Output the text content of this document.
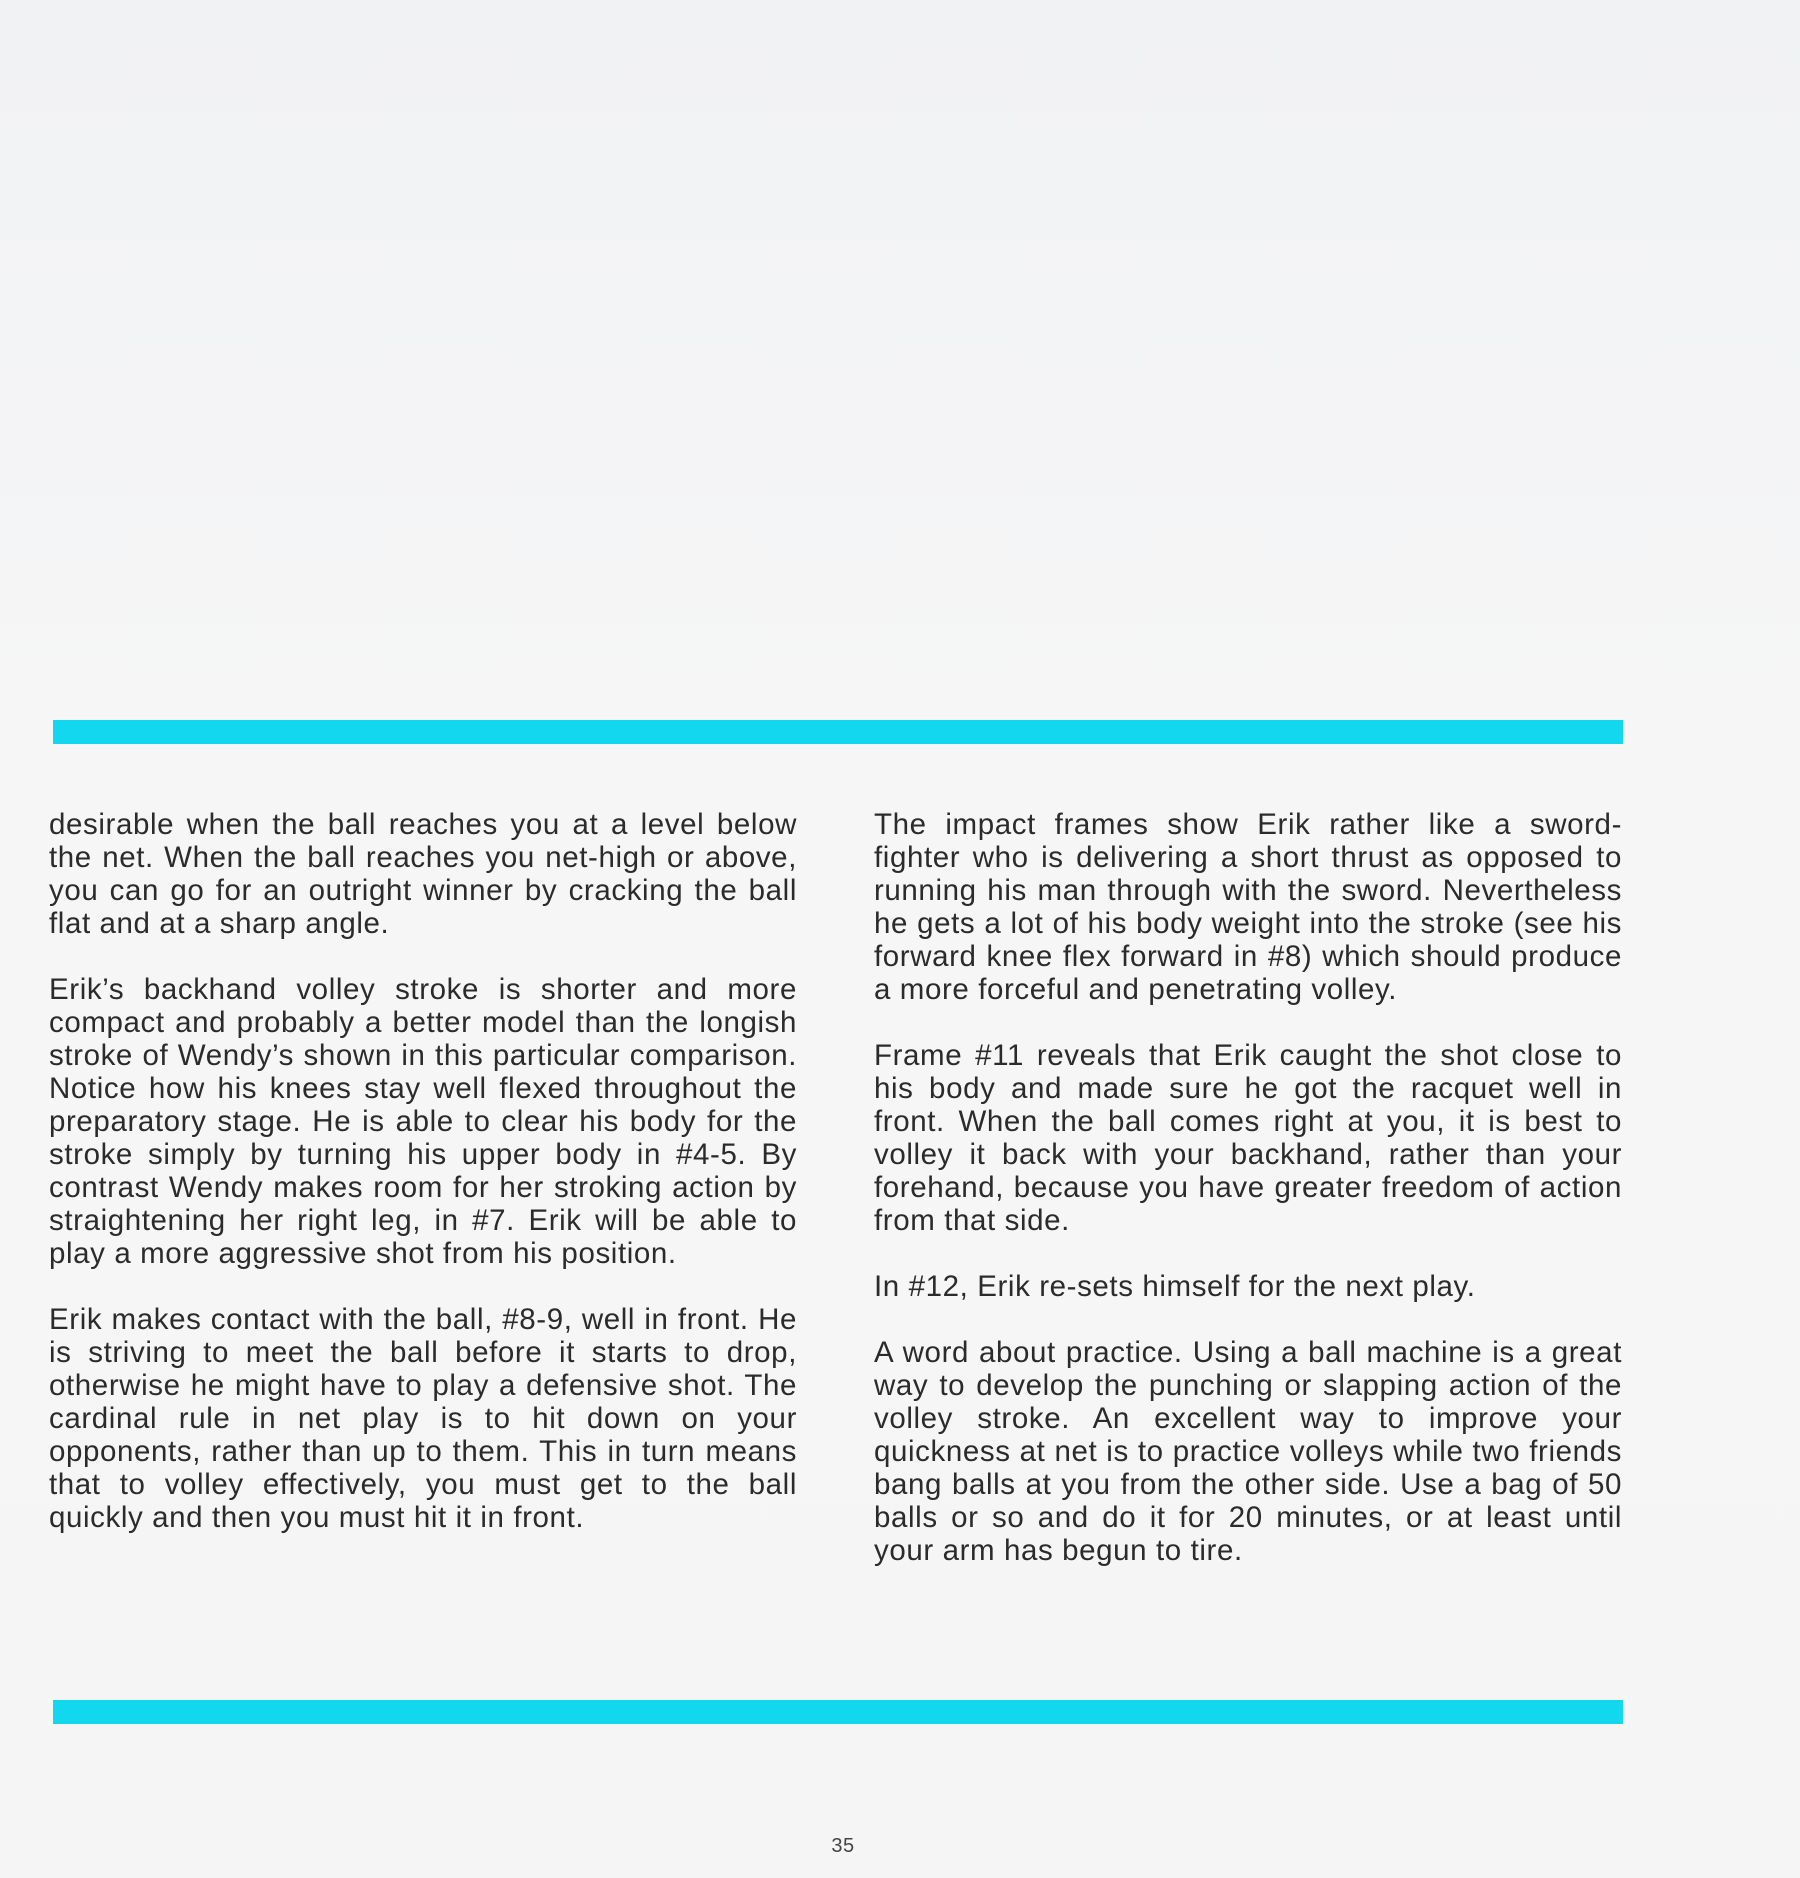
desirable when the ball reaches you at a level below the net. When the ball reaches you net-high or above, you can go for an outright winner by cracking the ball flat and at a sharp angle.

Erik’s backhand volley stroke is shorter and more compact and probably a better model than the longish stroke of Wendy’s shown in this particular comparison. Notice how his knees stay well flexed throughout the preparatory stage. He is able to clear his body for the stroke simply by turning his upper body in #4-5. By contrast Wendy makes room for her stroking action by straightening her right leg, in #7. Erik will be able to play a more aggressive shot from his position.

Erik makes contact with the ball, #8-9, well in front. He is striving to meet the ball before it starts to drop, otherwise he might have to play a defensive shot. The cardinal rule in net play is to hit down on your opponents, rather than up to them. This in turn means that to volley effectively, you must get to the ball quickly and then you must hit it in front.

The impact frames show Erik rather like a sword-fighter who is delivering a short thrust as opposed to running his man through with the sword. Nevertheless he gets a lot of his body weight into the stroke (see his forward knee flex forward in #8) which should produce a more forceful and penetrating volley.

Frame #11 reveals that Erik caught the shot close to his body and made sure he got the racquet well in front. When the ball comes right at you, it is best to volley it back with your backhand, rather than your forehand, because you have greater freedom of action from that side.

In #12, Erik re-sets himself for the next play.

A word about practice. Using a ball machine is a great way to develop the punching or slapping action of the volley stroke. An excellent way to improve your quickness at net is to practice volleys while two friends bang balls at you from the other side. Use a bag of 50 balls or so and do it for 20 minutes, or at least until your arm has begun to tire.

35
